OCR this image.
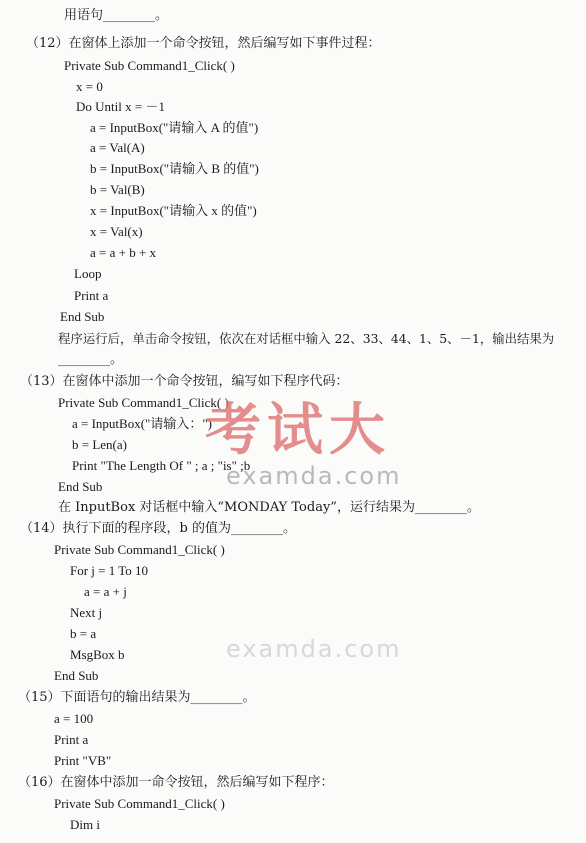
用语句________。
（12）在窗体上添加一个命令按钮，然后编写如下事件过程：
Private Sub Command1_Click( )
x = 0
Do Until x = －1
a = InputBox("请输入 A 的值")
a = Val(A)
b = InputBox("请输入 B 的值")
b = Val(B)
x = InputBox("请输入 x 的值")
x = Val(x)
a = a + b + x
Loop
Print a
End Sub
程序运行后，单击命令按钮，依次在对话框中输入 22、33、44、1、5、－1，输出结果为
________。
（13）在窗体中添加一个命令按钮，编写如下程序代码：
Private Sub Command1_Click( )
a = InputBox("请输入：")
b = Len(a)
Print "The Length Of " ; a ; "is" ;b
End Sub
在 InputBox 对话框中输入“MONDAY Today”，运行结果为________。
（14）执行下面的程序段，b 的值为________。
Private Sub Command1_Click( )
For j = 1 To 10
a = a + j
Next j
b = a
MsgBox b
End Sub
（15）下面语句的输出结果为________。
a = 100
Print a
Print "VB"
（16）在窗体中添加一命令按钮，然后编写如下程序：
Private Sub Command1_Click( )
Dim i
考试大
examda.com
examda.com
